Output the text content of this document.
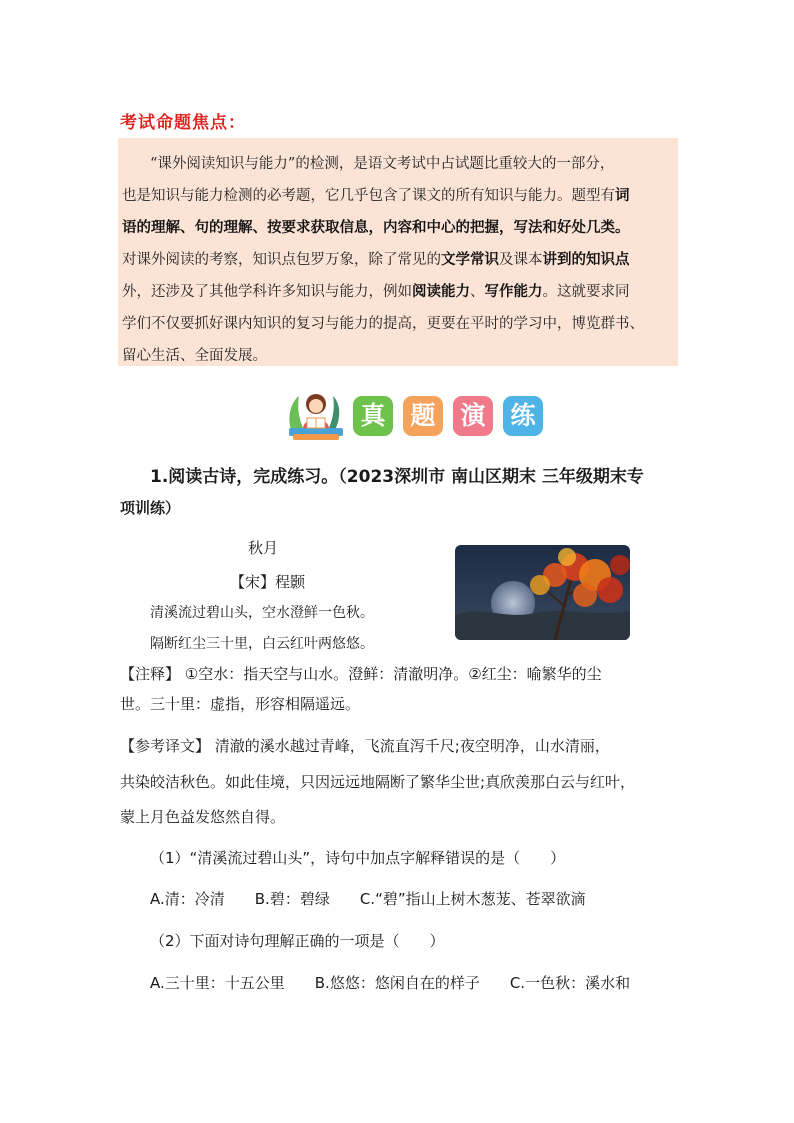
考试命题焦点：
“课外阅读知识与能力”的检测，是语文考试中占试题比重较大的一部分，
也是知识与能力检测的必考题，它几乎包含了课文的所有知识与能力。题型有词
语的理解、句的理解、按要求获取信息，内容和中心的把握，写法和好处几类。
对课外阅读的考察，知识点包罗万象，除了常见的文学常识及课本讲到的知识点
外，还涉及了其他学科许多知识与能力，例如阅读能力、写作能力。这就要求同
学们不仅要抓好课内知识的复习与能力的提高，更要在平时的学习中，博览群书、
留心生活、全面发展。
真 题 演 练
1.阅读古诗，完成练习。（2023深圳市 南山区期末 三年级期末专
项训练）
秋月
【宋】程颢
清溪流过碧山头，空水澄鲜一色秋。
隔断红尘三十里，白云红叶两悠悠。
【注释】 ①空水：指天空与山水。澄鲜：清澈明净。②红尘：喻繁华的尘
世。三十里：虚指，形容相隔遥远。
【参考译文】 清澈的溪水越过青峰，飞流直泻千尺;夜空明净，山水清丽，
共染皎洁秋色。如此佳境，只因远远地隔断了繁华尘世;真欣羡那白云与红叶，
蒙上月色益发悠然自得。
（1）“清溪流过碧山头”，诗句中加点字解释错误的是（　　）
A.清：冷清　　B.碧：碧绿　　C.“碧”指山上树木葱茏、苍翠欲滴
（2）下面对诗句理解正确的一项是（　　）
A.三十里：十五公里　　B.悠悠：悠闲自在的样子　　C.一色秋：溪水和
